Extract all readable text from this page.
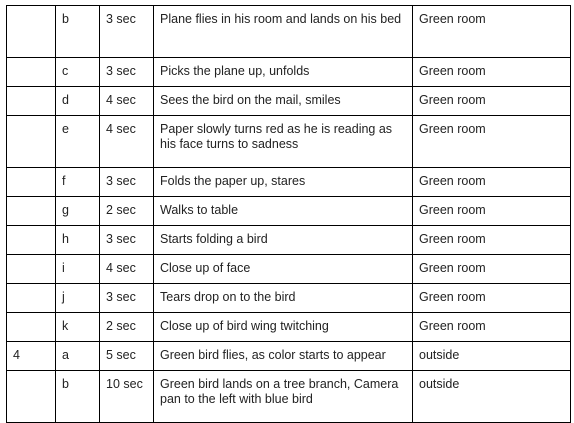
	b	3 sec	Plane flies in his room and lands on his bed	Green room
	c	3 sec	Picks the plane up, unfolds	Green room
	d	4 sec	Sees the bird on the mail, smiles	Green room
	e	4 sec	Paper slowly turns red as he is reading as his face turns to sadness	Green room
	f	3 sec	Folds the paper up, stares	Green room
	g	2 sec	Walks to table	Green room
	h	3 sec	Starts folding a bird	Green room
	i	4 sec	Close up of face	Green room
	j	3 sec	Tears drop on to the bird	Green room
	k	2 sec	Close up of bird wing twitching	Green room
4	a	5 sec	Green bird flies, as color starts to appear	outside
	b	10 sec	Green bird lands on a tree branch, Camera pan to the left with blue bird	outside
